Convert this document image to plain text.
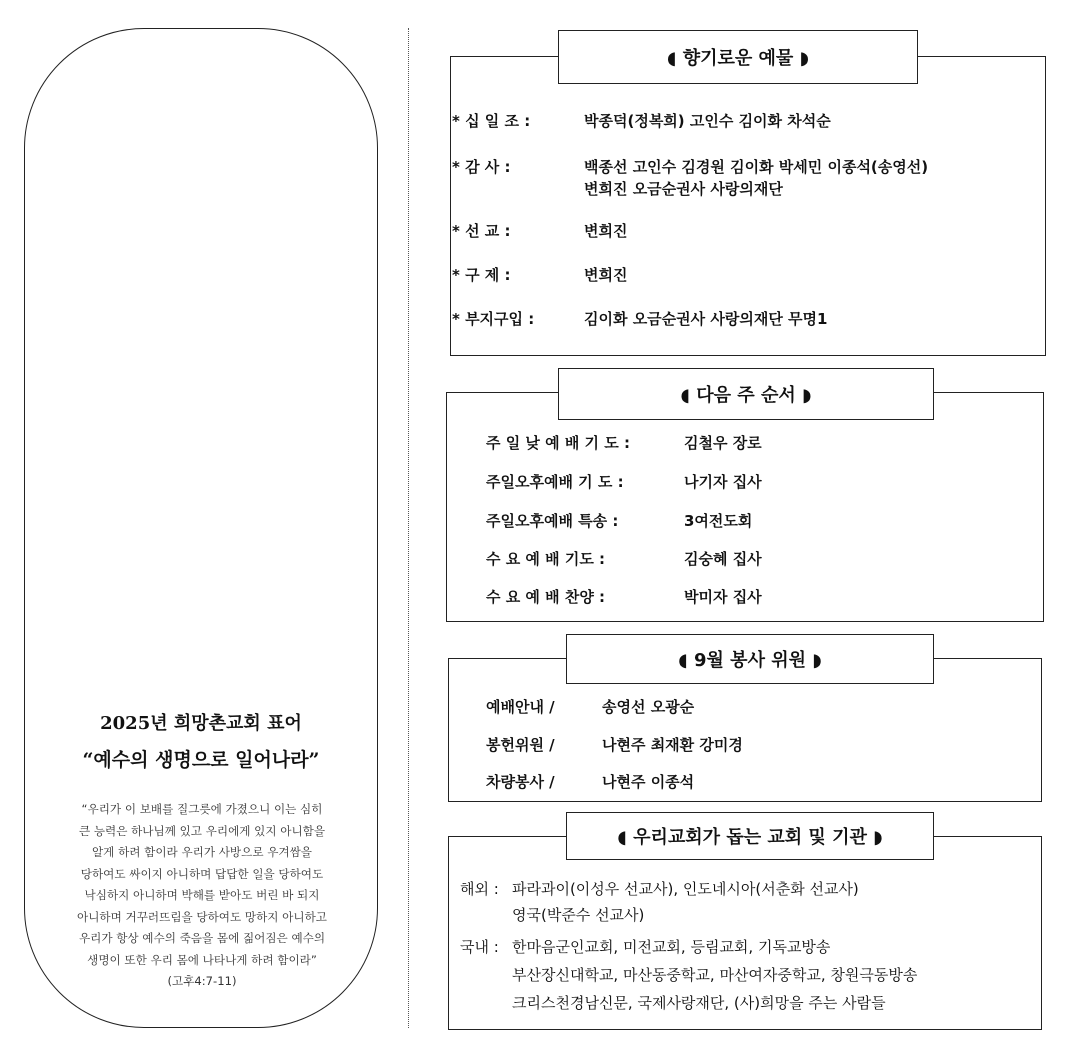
2025년 희망촌교회 표어
“예수의 생명으로 일어나라”
“우리가 이 보배를 질그릇에 가졌으니 이는 심히
큰 능력은 하나님께 있고 우리에게 있지 아니함을
알게 하려 함이라 우리가 사방으로 우겨쌈을
당하여도 싸이지 아니하며 답답한 일을 당하여도
낙심하지 아니하며 박해를 받아도 버린 바 되지
아니하며 거꾸러뜨림을 당하여도 망하지 아니하고
우리가 항상 예수의 죽음을 몸에 짊어짐은 예수의
생명이 또한 우리 몸에 나타나게 하려 함이라”
(고후4:7-11)
◖ 향기로운 예물 ◗
* 십 일 조 :	박종덕(정복희) 고인수 김이화 차석순
* 감 사 :	백종선 고인수 김경원 김이화 박세민 이종석(송영선)
변희진 오금순권사 사랑의재단
* 선 교 :	변희진
* 구 제 :	변희진
* 부지구입 :	김이화 오금순권사 사랑의재단 무명1
◖ 다음 주 순서 ◗
주 일 낮 예 배 기 도 :	김철우 장로
주일오후예배 기 도 :	나기자 집사
주일오후예배 특송 :	3여전도회
수 요 예 배 기도 :	김숭혜 집사
수 요 예 배 찬양 :	박미자 집사
◖ 9월 봉사 위원 ◗
예배안내 /	송영선 오광순
봉헌위원 /	나현주 최재환 강미경
차량봉사 /	나현주 이종석
◖ 우리교회가 돕는 교회 및 기관 ◗
해외 : 파라과이(이성우 선교사), 인도네시아(서춘화 선교사)
영국(박준수 선교사)
국내 : 한마음군인교회, 미전교회, 등림교회, 기독교방송
부산장신대학교, 마산동중학교, 마산여자중학교, 창원극동방송
크리스천경남신문, 국제사랑재단, (사)희망을 주는 사람들
